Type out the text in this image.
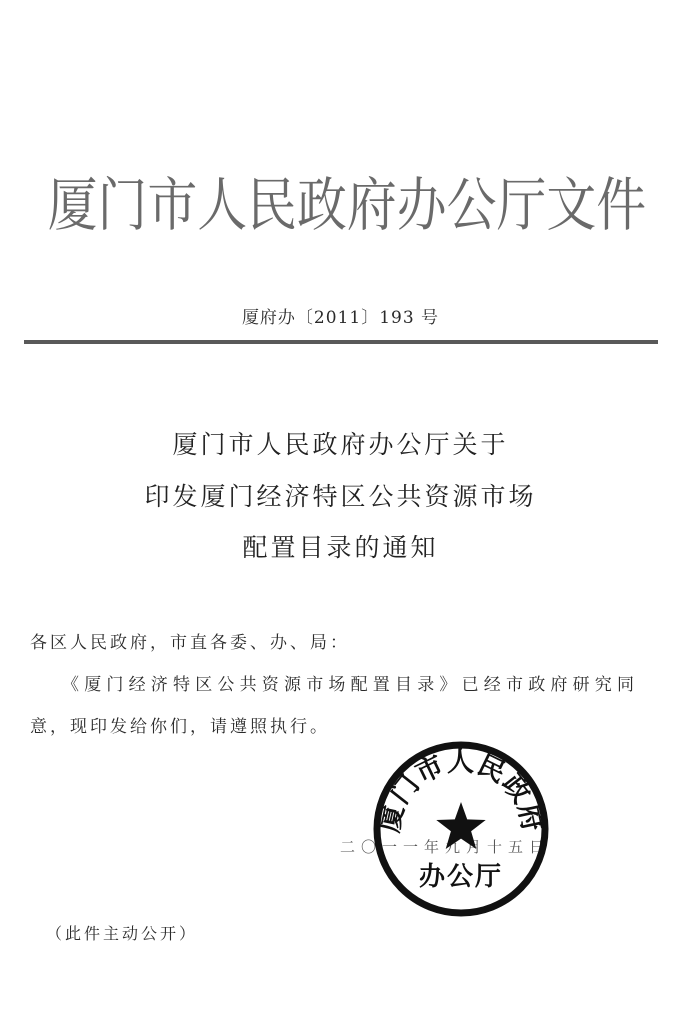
厦门市人民政府办公厅文件
厦府办〔2011〕193 号
厦门市人民政府办公厅关于
印发厦门经济特区公共资源市场
配置目录的通知
各区人民政府，市直各委、办、局：
《厦门经济特区公共资源市场配置目录》已经市政府研究同
意，现印发给你们，请遵照执行。
二〇一一年九月十五日
厦门市人民政府
办公厅
（此件主动公开）
